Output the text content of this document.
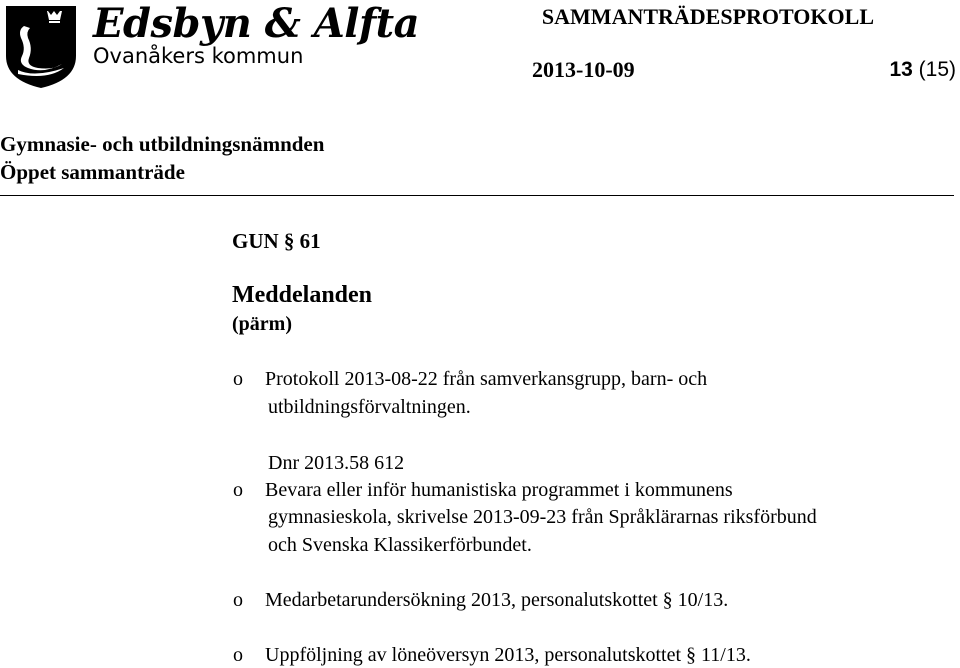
Edsbyn & Alfta
Ovanåkers kommun
SAMMANTRÄDESPROTOKOLL
2013-10-09	13 (15)
Gymnasie- och utbildningsnämnden
Öppet sammanträde
GUN § 61
Meddelanden
(pärm)
o Protokoll 2013-08-22 från samverkansgrupp, barn- och
utbildningsförvaltningen.
Dnr 2013.58 612
o Bevara eller inför humanistiska programmet i kommunens
gymnasieskola, skrivelse 2013-09-23 från Språklärarnas riksförbund
och Svenska Klassikerförbundet.
o Medarbetarundersökning 2013, personalutskottet § 10/13.
o Uppföljning av löneöversyn 2013, personalutskottet § 11/13.
